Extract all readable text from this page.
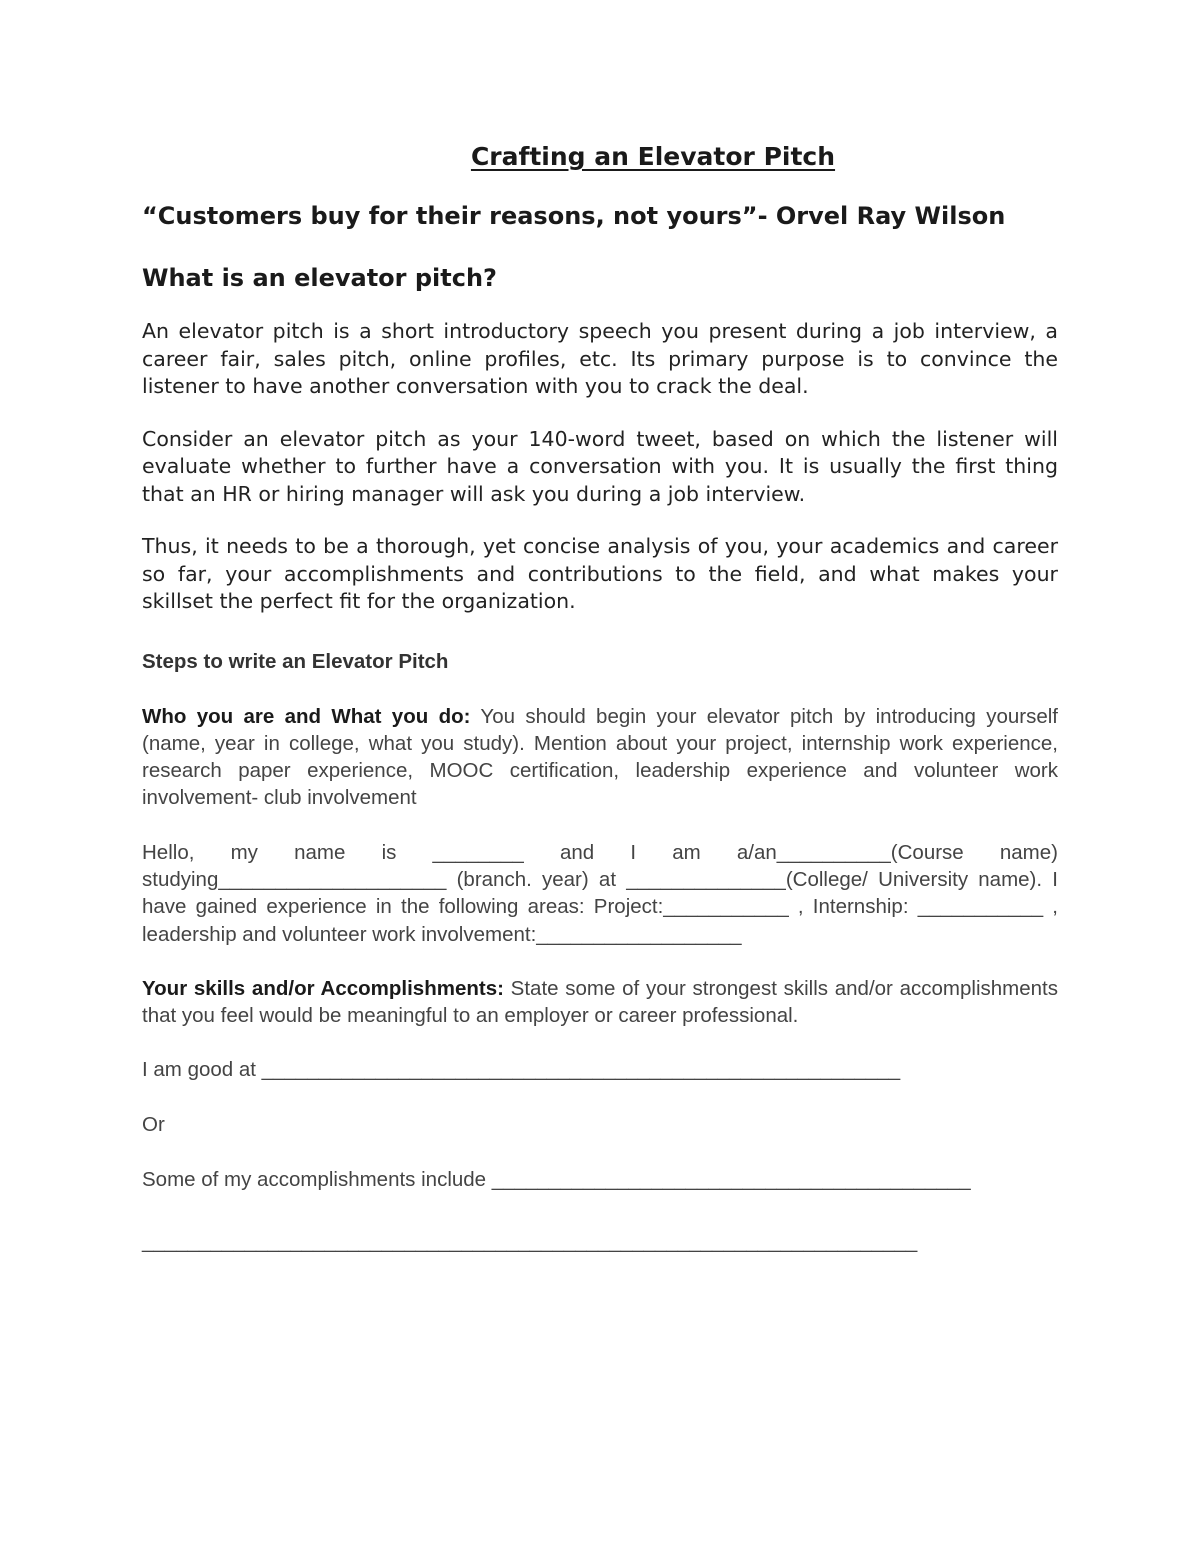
Crafting an Elevator Pitch
“Customers buy for their reasons, not yours”- Orvel Ray Wilson
What is an elevator pitch?

An elevator pitch is a short introductory speech you present during a job interview, a career fair, sales pitch, online profiles, etc. Its primary purpose is to convince the listener to have another conversation with you to crack the deal.

Consider an elevator pitch as your 140-word tweet, based on which the listener will evaluate whether to further have a conversation with you. It is usually the first thing that an HR or hiring manager will ask you during a job interview.

Thus, it needs to be a thorough, yet concise analysis of you, your academics and career so far, your accomplishments and contributions to the field, and what makes your skillset the perfect fit for the organization.

Steps to write an Elevator Pitch

Who you are and What you do: You should begin your elevator pitch by introducing yourself (name, year in college, what you study). Mention about your project, internship work experience, research paper experience, MOOC certification, leadership experience and volunteer work involvement- club involvement

Hello, my name is ________ and I am a/an__________(Course name) studying____________________ (branch. year) at ______________(College/ University name). I have gained experience in the following areas: Project:___________ , Internship: ___________ , leadership and volunteer work involvement:__________________

Your skills and/or Accomplishments: State some of your strongest skills and/or accomplishments that you feel would be meaningful to an employer or career professional.

I am good at ________________________________________________________
Or
Some of my accomplishments include __________________________________________
____________________________________________________________________
